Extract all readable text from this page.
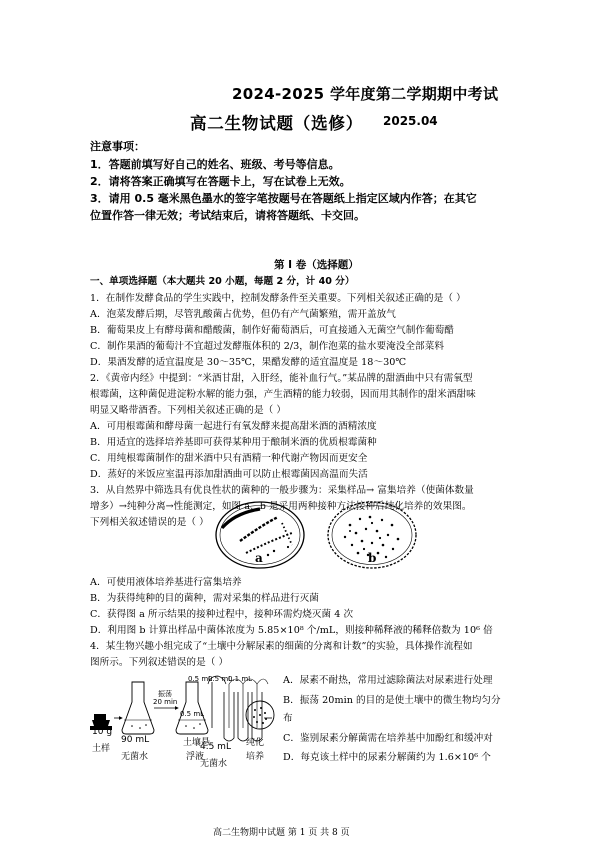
2024-2025 学年度第二学期期中考试
高二生物试题（选修） 2025.04
注意事项：
1．答题前填写好自己的姓名、班级、考号等信息。
2．请将答案正确填写在答题卡上，写在试卷上无效。
3．请用 0.5 毫米黑色墨水的签字笔按题号在答题纸上指定区域内作答；在其它
位置作答一律无效；考试结束后，请将答题纸、卡交回。
第 I 卷（选择题）
一、单项选择题（本大题共 20 小题，每题 2 分，计 40 分）
1．在制作发酵食品的学生实践中，控制发酵条件至关重要。下列相关叙述正确的是（ ）
A．泡菜发酵后期，尽管乳酸菌占优势，但仍有产气菌繁殖，需开盖放气
B．葡萄果皮上有酵母菌和醋酸菌，制作好葡萄酒后，可直接通入无菌空气制作葡萄醋
C．制作果酒的葡萄汁不宜超过发酵瓶体积的 2/3，制作泡菜的盐水要淹没全部菜料
D．果酒发酵的适宜温度是 30～35℃，果醋发酵的适宜温度是 18～30℃
2．《黄帝内经》中提到：“米酒甘甜，入肝经，能补血行气。”某品牌的甜酒曲中只有需氧型
根霉菌，这种菌促进淀粉水解的能力强，产生酒精的能力较弱，因而用其制作的甜米酒甜味
明显又略带酒香。下列相关叙述正确的是（ ）
A．可用根霉菌和酵母菌一起进行有氧发酵来提高甜米酒的酒精浓度
B．用适宜的选择培养基即可获得某种用于酿制米酒的优质根霉菌种
C．用纯根霉菌制作的甜米酒中只有酒精一种代谢产物因而更安全
D．蒸好的米饭应室温再添加甜酒曲可以防止根霉菌因高温而失活
3．从自然界中筛选具有优良性状的菌种的一般步骤为：采集样品→ 富集培养（使菌体数量
增多）→纯种分离→性能测定，如图 a、b 是采用两种接种方法接种后纯化培养的效果图。
下列相关叙述错误的是（ ）
a	b
A．可使用液体培养基进行富集培养
B．为获得纯种的目的菌种，需对采集的样品进行灭菌
C．获得图 a 所示结果的接种过程中，接种环需灼烧灭菌 4 次
D．利用图 b 计算出样品中菌体浓度为 5.85×10⁸ 个/mL，则接种稀释液的稀释倍数为 10⁶ 倍
4．某生物兴趣小组完成了“土壤中分解尿素的细菌的分离和计数”的实验，具体操作流程如
图所示。下列叙述错误的是（ ）
10 g
土样
90 mL
无菌水
振荡
20 min
0.5 mL
土壤悬
浮液
0.5 mL
0.5 mL
0.1 mL
4.5 mL
无菌水
纯化
培养
A．尿素不耐热，常用过滤除菌法对尿素进行处理
B．振荡 20min 的目的是使土壤中的微生物均匀分
布
C．鉴别尿素分解菌需在培养基中加酚红和缓冲对
D．每克该土样中的尿素分解菌约为 1.6×10⁶ 个
高二生物期中试题 第 1 页 共 8 页
